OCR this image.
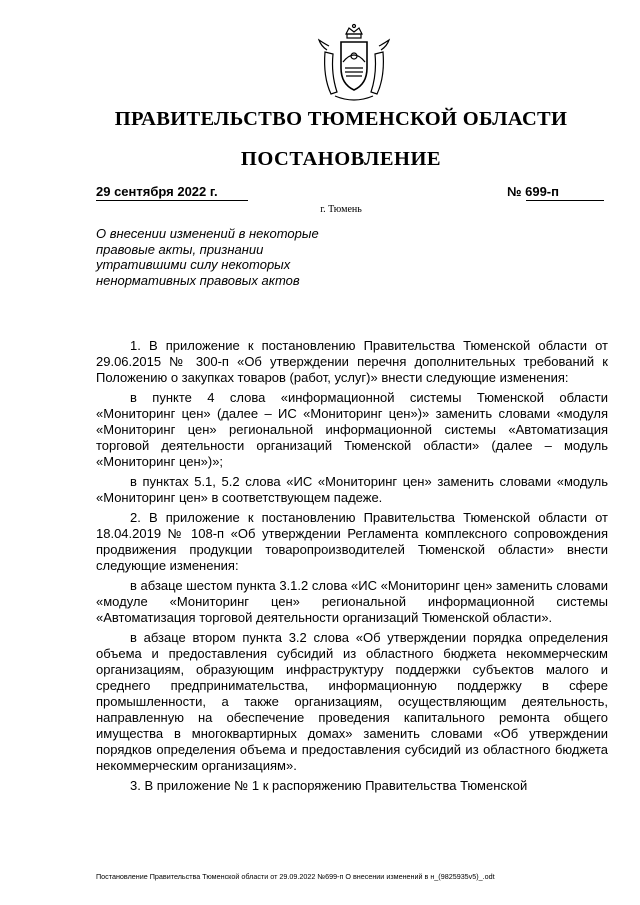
ПРАВИТЕЛЬСТВО ТЮМЕНСКОЙ ОБЛАСТИ
ПОСТАНОВЛЕНИЕ
29 сентября 2022 г.	№ 699-п
г. Тюмень
О внесении изменений в некоторые правовые акты, признании утратившими силу некоторых ненормативных правовых актов

1. В приложение к постановлению Правительства Тюменской области от 29.06.2015 № 300-п «Об утверждении перечня дополнительных требований к Положению о закупках товаров (работ, услуг)» внести следующие изменения:

в пункте 4 слова «информационной системы Тюменской области «Мониторинг цен» (далее – ИС «Мониторинг цен»)» заменить словами «модуля «Мониторинг цен» региональной информационной системы «Автоматизация торговой деятельности организаций Тюменской области» (далее – модуль «Мониторинг цен»)»;

в пунктах 5.1, 5.2 слова «ИС «Мониторинг цен» заменить словами «модуль «Мониторинг цен» в соответствующем падеже.

2. В приложение к постановлению Правительства Тюменской области от 18.04.2019 № 108-п «Об утверждении Регламента комплексного сопровождения продвижения продукции товаропроизводителей Тюменской области» внести следующие изменения:

в абзаце шестом пункта 3.1.2 слова «ИС «Мониторинг цен» заменить словами «модуле «Мониторинг цен» региональной информационной системы «Автоматизация торговой деятельности организаций Тюменской области».

в абзаце втором пункта 3.2 слова «Об утверждении порядка определения объема и предоставления субсидий из областного бюджета некоммерческим организациям, образующим инфраструктуру поддержки субъектов малого и среднего предпринимательства, информационную поддержку в сфере промышленности, а также организациям, осуществляющим деятельность, направленную на обеспечение проведения капитального ремонта общего имущества в многоквартирных домах» заменить словами «Об утверждении порядков определения объема и предоставления субсидий из областного бюджета некоммерческим организациям».

3. В приложение № 1 к распоряжению Правительства Тюменской

Постановление Правительства Тюменской области от 29.09.2022 №699-п О внесении изменений в н_(9825935v5)_.odt
